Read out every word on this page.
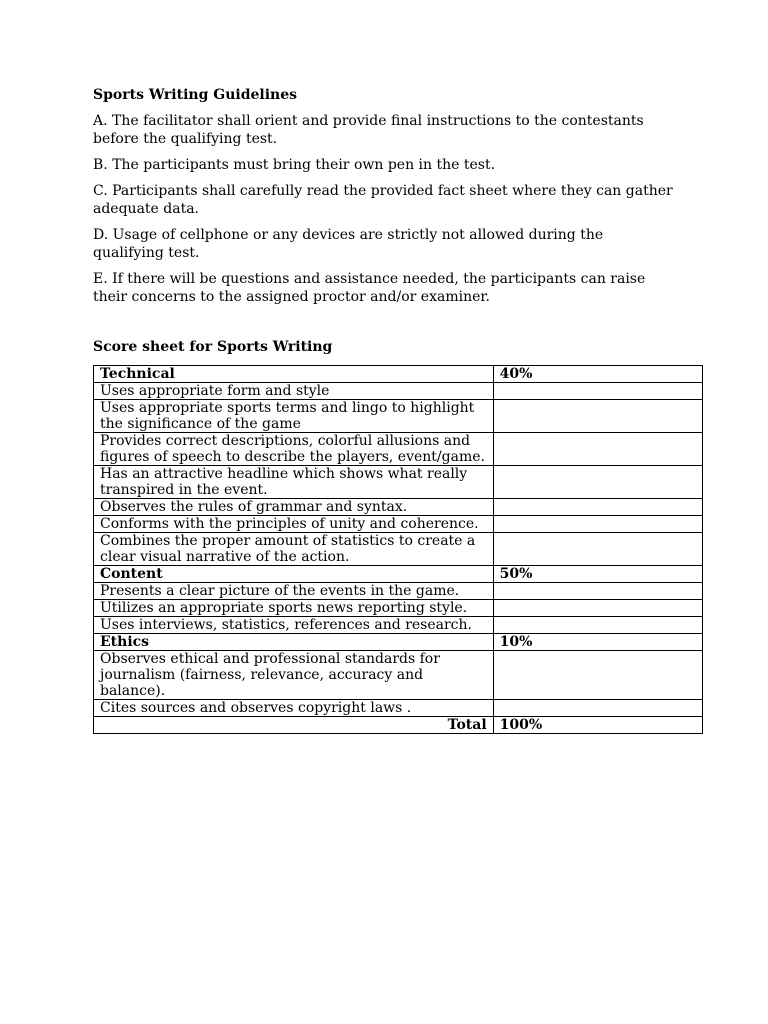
Sports Writing Guidelines

A. The facilitator shall orient and provide final instructions to the contestants before the qualifying test.

B. The participants must bring their own pen in the test.

C. Participants shall carefully read the provided fact sheet where they can gather adequate data.

D. Usage of cellphone or any devices are strictly not allowed during the qualifying test.

E. If there will be questions and assistance needed, the participants can raise their concerns to the assigned proctor and/or examiner.

Score sheet for Sports Writing
Technical	40%
Uses appropriate form and style	
Uses appropriate sports terms and lingo to highlight the significance of the game	
Provides correct descriptions, colorful allusions and figures of speech to describe the players, event/game.	
Has an attractive headline which shows what really transpired in the event.	
Observes the rules of grammar and syntax.	
Conforms with the principles of unity and coherence.	
Combines the proper amount of statistics to create a clear visual narrative of the action.	
Content	50%
Presents a clear picture of the events in the game.	
Utilizes an appropriate sports news reporting style.	
Uses interviews, statistics, references and research.	
Ethics	10%
Observes ethical and professional standards for journalism (fairness, relevance, accuracy and balance).	
Cites sources and observes copyright laws .	
Total	100%
